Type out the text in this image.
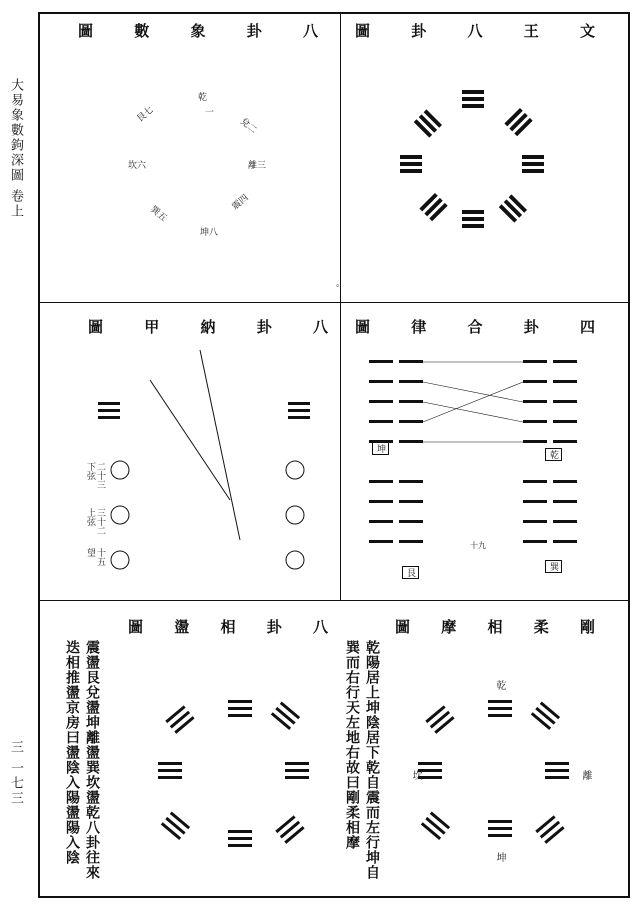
大易象數鉤深圖 卷上
三 一七三
圖	數	象	卦	八
乾
一
兌二
離三
震四
坤八
巽五
坎六
艮七
。
圖	卦	八	王	文
圖	甲	納	卦	八
二十三
下弦
三十二
上弦
十五
望
圖	律	合	卦	四
乾
坤
巽
艮
十九
圖 盪 相 卦 八
震盪艮兌盪坤離盪巽坎盪乾八卦往來迭相推盪京房曰盪陰入陽盪陽入陰
圖 摩 相 柔 剛
乾陽居上坤陰居下乾自震而左行坤自巽而右行天左地右故曰剛柔相摩	乾
坤
離
坎
